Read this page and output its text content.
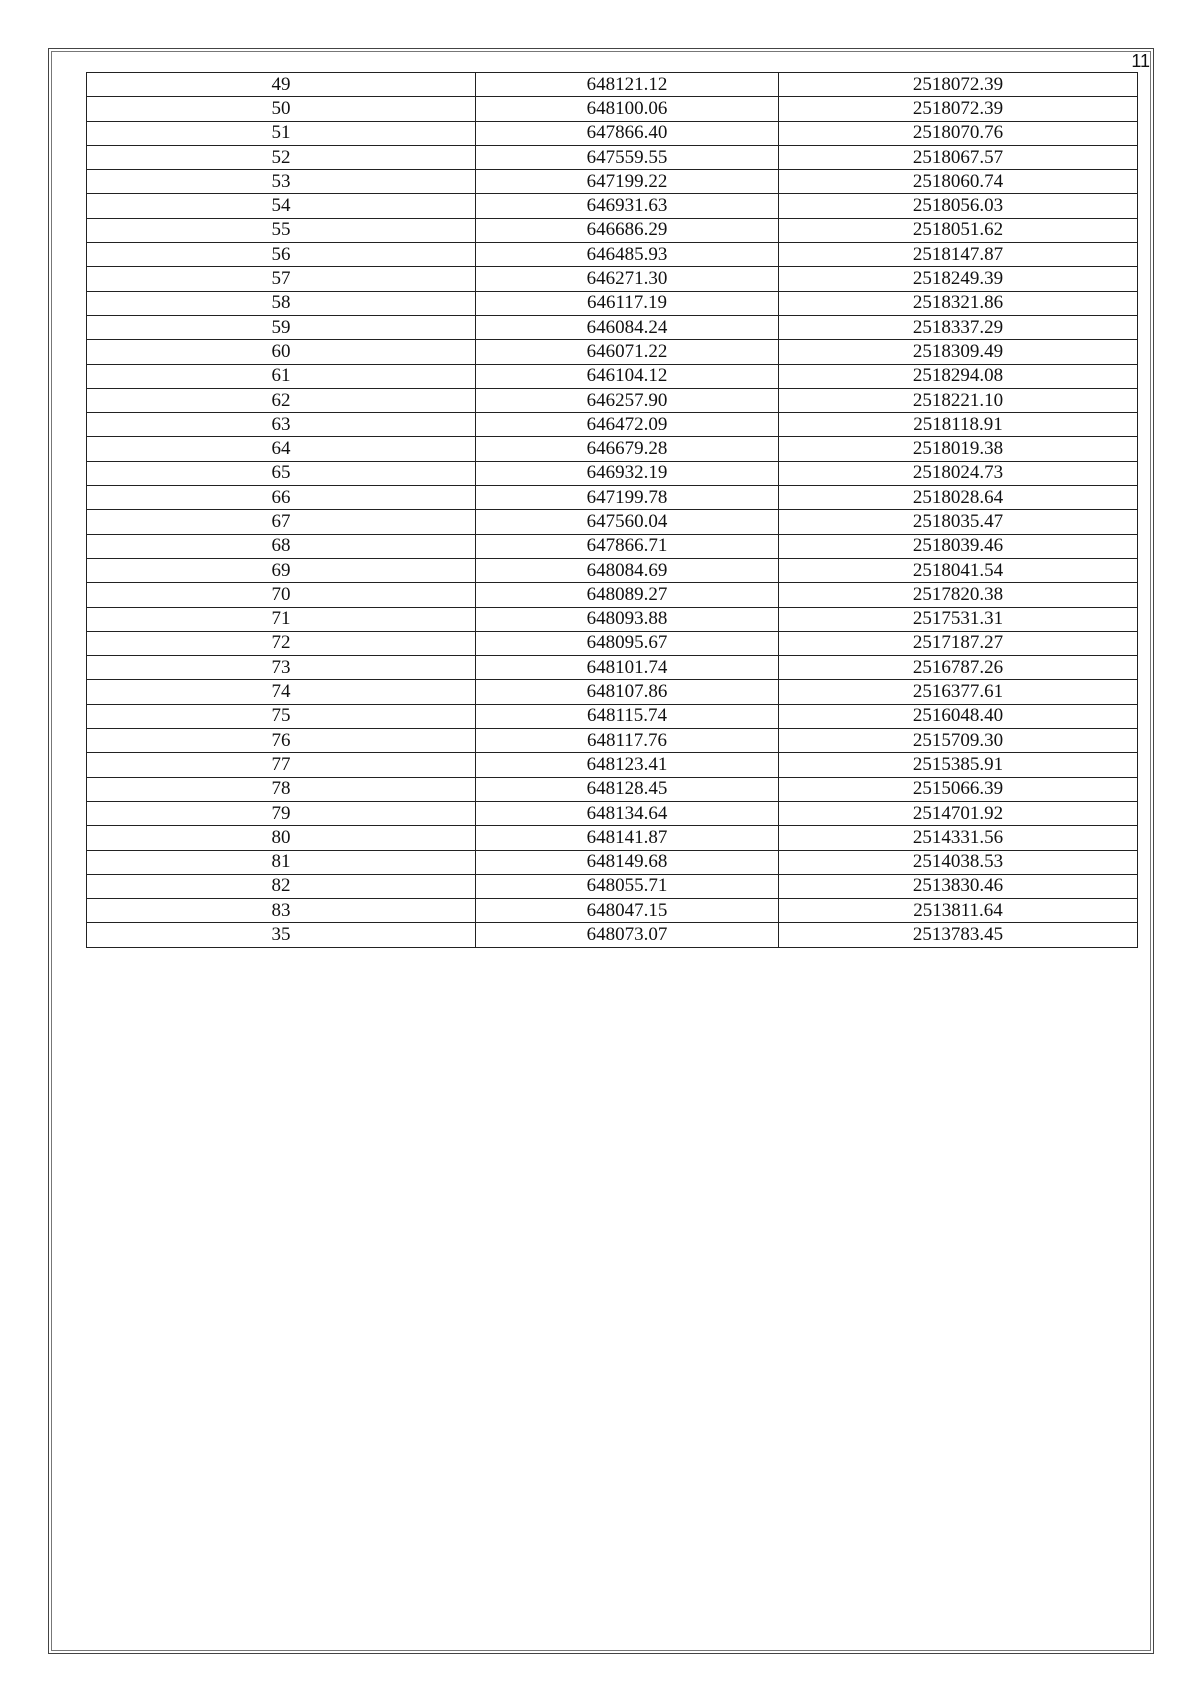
11
49	648121.12	2518072.39
50	648100.06	2518072.39
51	647866.40	2518070.76
52	647559.55	2518067.57
53	647199.22	2518060.74
54	646931.63	2518056.03
55	646686.29	2518051.62
56	646485.93	2518147.87
57	646271.30	2518249.39
58	646117.19	2518321.86
59	646084.24	2518337.29
60	646071.22	2518309.49
61	646104.12	2518294.08
62	646257.90	2518221.10
63	646472.09	2518118.91
64	646679.28	2518019.38
65	646932.19	2518024.73
66	647199.78	2518028.64
67	647560.04	2518035.47
68	647866.71	2518039.46
69	648084.69	2518041.54
70	648089.27	2517820.38
71	648093.88	2517531.31
72	648095.67	2517187.27
73	648101.74	2516787.26
74	648107.86	2516377.61
75	648115.74	2516048.40
76	648117.76	2515709.30
77	648123.41	2515385.91
78	648128.45	2515066.39
79	648134.64	2514701.92
80	648141.87	2514331.56
81	648149.68	2514038.53
82	648055.71	2513830.46
83	648047.15	2513811.64
35	648073.07	2513783.45
